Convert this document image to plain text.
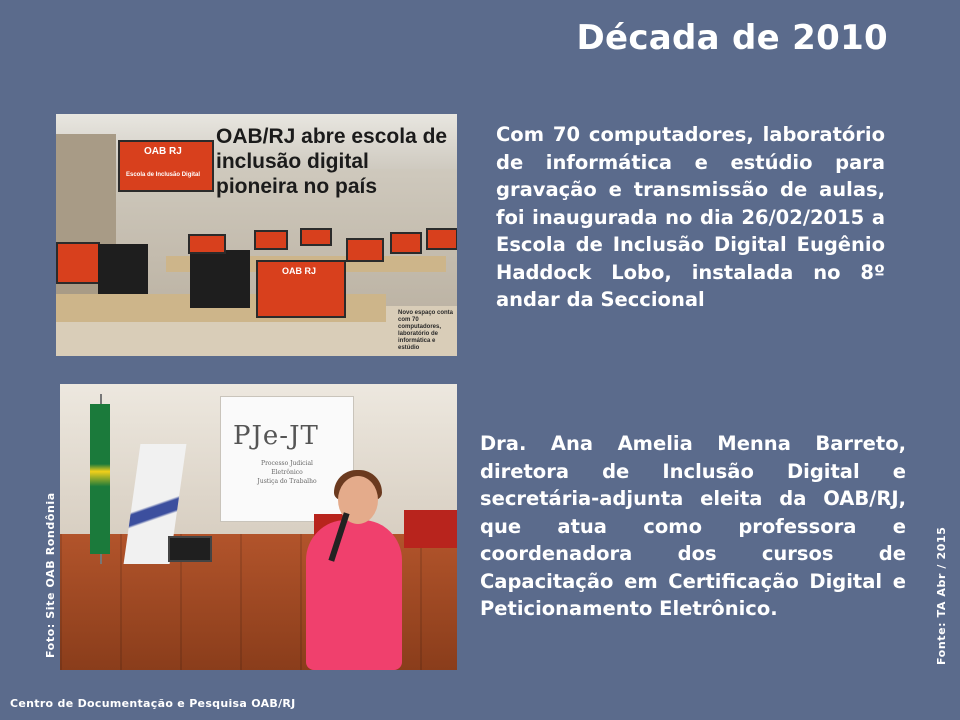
Década de 2010
OAB RJ
Escola de Inclusão Digital
OAB/RJ abre escola de inclusão digital pioneira no país
OAB RJ
Novo espaço conta com 70 computadores, laboratório de informática e estúdio

Com 70 computadores, laboratório de informática e estúdio para gravação e transmissão de aulas, foi inaugurada no dia 26/02/2015 a Escola de Inclusão Digital Eugênio Haddock Lobo, instalada no 8º andar da Seccional

PJe-JT
Processo Judicial
Eletrônico
Justiça do Trabalho

Dra. Ana Amelia Menna Barreto, diretora de Inclusão Digital e secretária-adjunta eleita da OAB/RJ, que atua como professora e coordenadora dos cursos de Capacitação em Certificação Digital e Peticionamento Eletrônico.

Foto: Site OAB Rondônia	Fonte: TA Abr / 2015
Centro de Documentação e Pesquisa OAB/RJ
